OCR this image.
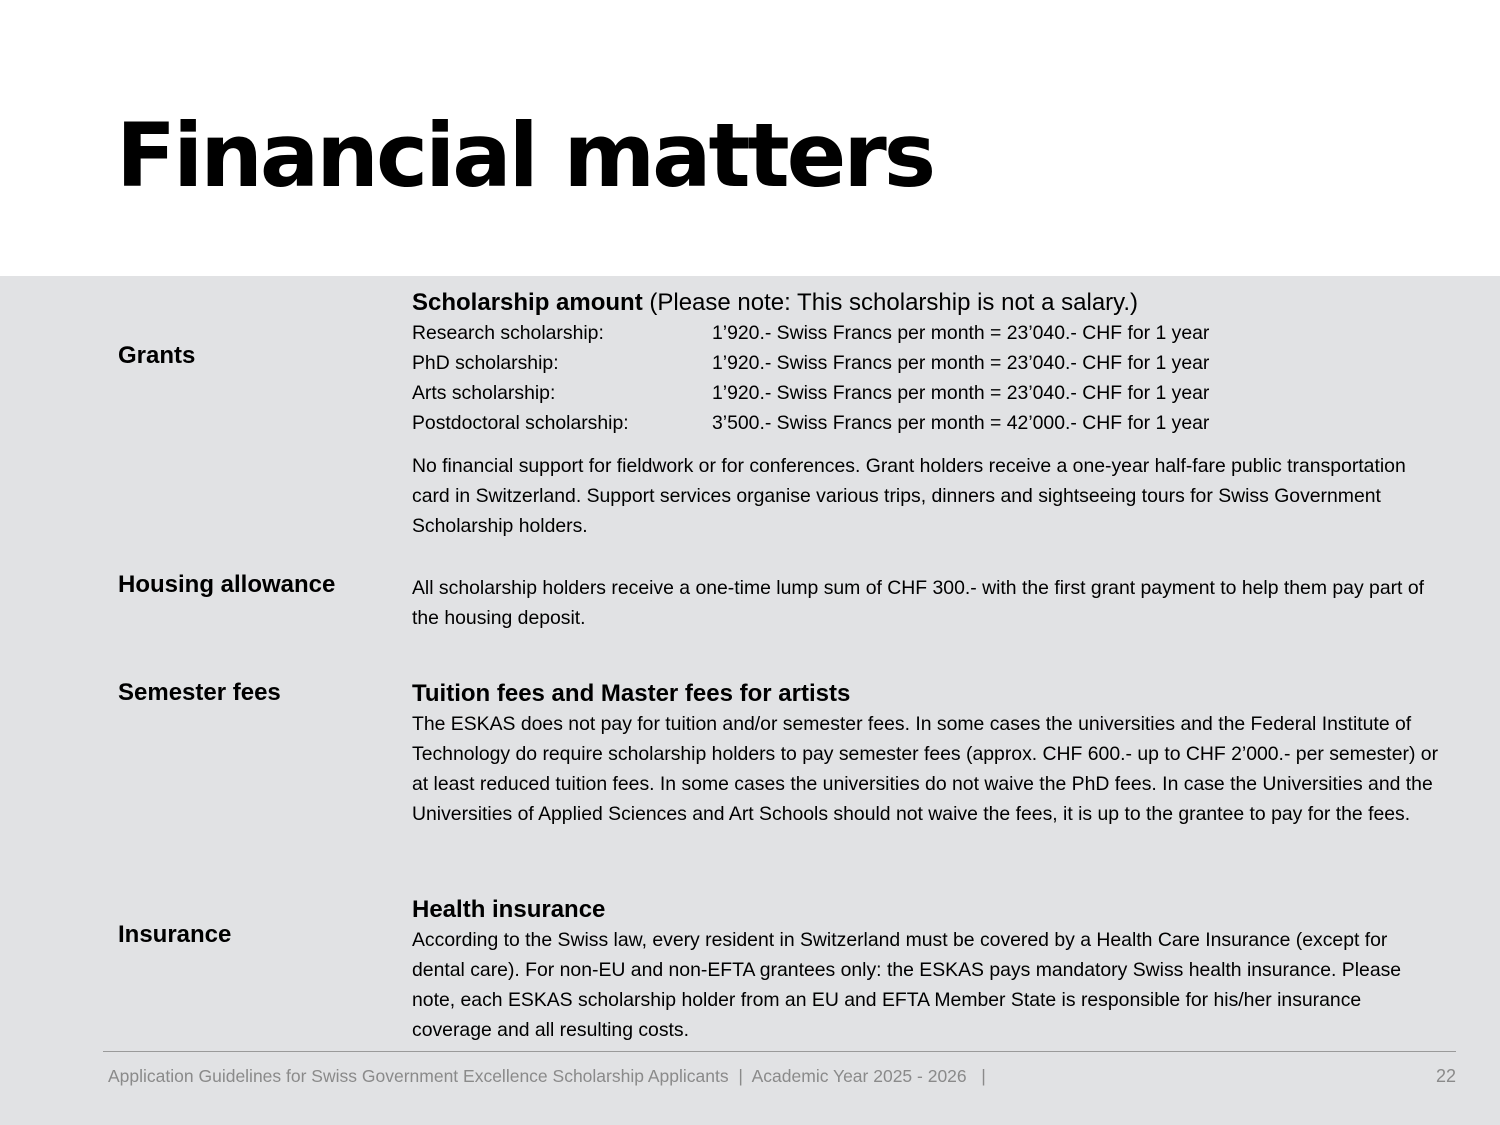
Financial matters
Grants

Scholarship amount (Please note: This scholarship is not a salary.)

Research scholarship:	1’920.- Swiss Francs per month = 23’040.- CHF for 1 year
PhD scholarship:	1’920.- Swiss Francs per month = 23’040.- CHF for 1 year
Arts scholarship:	1’920.- Swiss Francs per month = 23’040.- CHF for 1 year
Postdoctoral scholarship:	3’500.- Swiss Francs per month = 42’000.- CHF for 1 year

No financial support for fieldwork or for conferences. Grant holders receive a one-year half-fare public transportation card in Switzerland. Support services organise various trips, dinners and sightseeing tours for Swiss Government Scholarship holders.

Housing allowance	All scholarship holders receive a one-time lump sum of CHF 300.- with the first grant payment to help them pay part of the housing deposit.

Semester fees	Tuition fees and Master fees for artists

The ESKAS does not pay for tuition and/or semester fees. In some cases the universities and the Federal Institute of Technology do require scholarship holders to pay semester fees (approx. CHF 600.- up to CHF 2’000.- per semester) or at least reduced tuition fees. In some cases the universities do not waive the PhD fees. In case the Universities and the Universities of Applied Sciences and Art Schools should not waive the fees, it is up to the grantee to pay for the fees.

Insurance

Health insurance

According to the Swiss law, every resident in Switzerland must be covered by a Health Care Insurance (except for dental care). For non-EU and non-EFTA grantees only: the ESKAS pays mandatory Swiss health insurance. Please note, each ESKAS scholarship holder from an EU and EFTA Member State is responsible for his/her insurance coverage and all resulting costs.

Application Guidelines for Swiss Government Excellence Scholarship Applicants  |  Academic Year 2025 - 2026   |	22
